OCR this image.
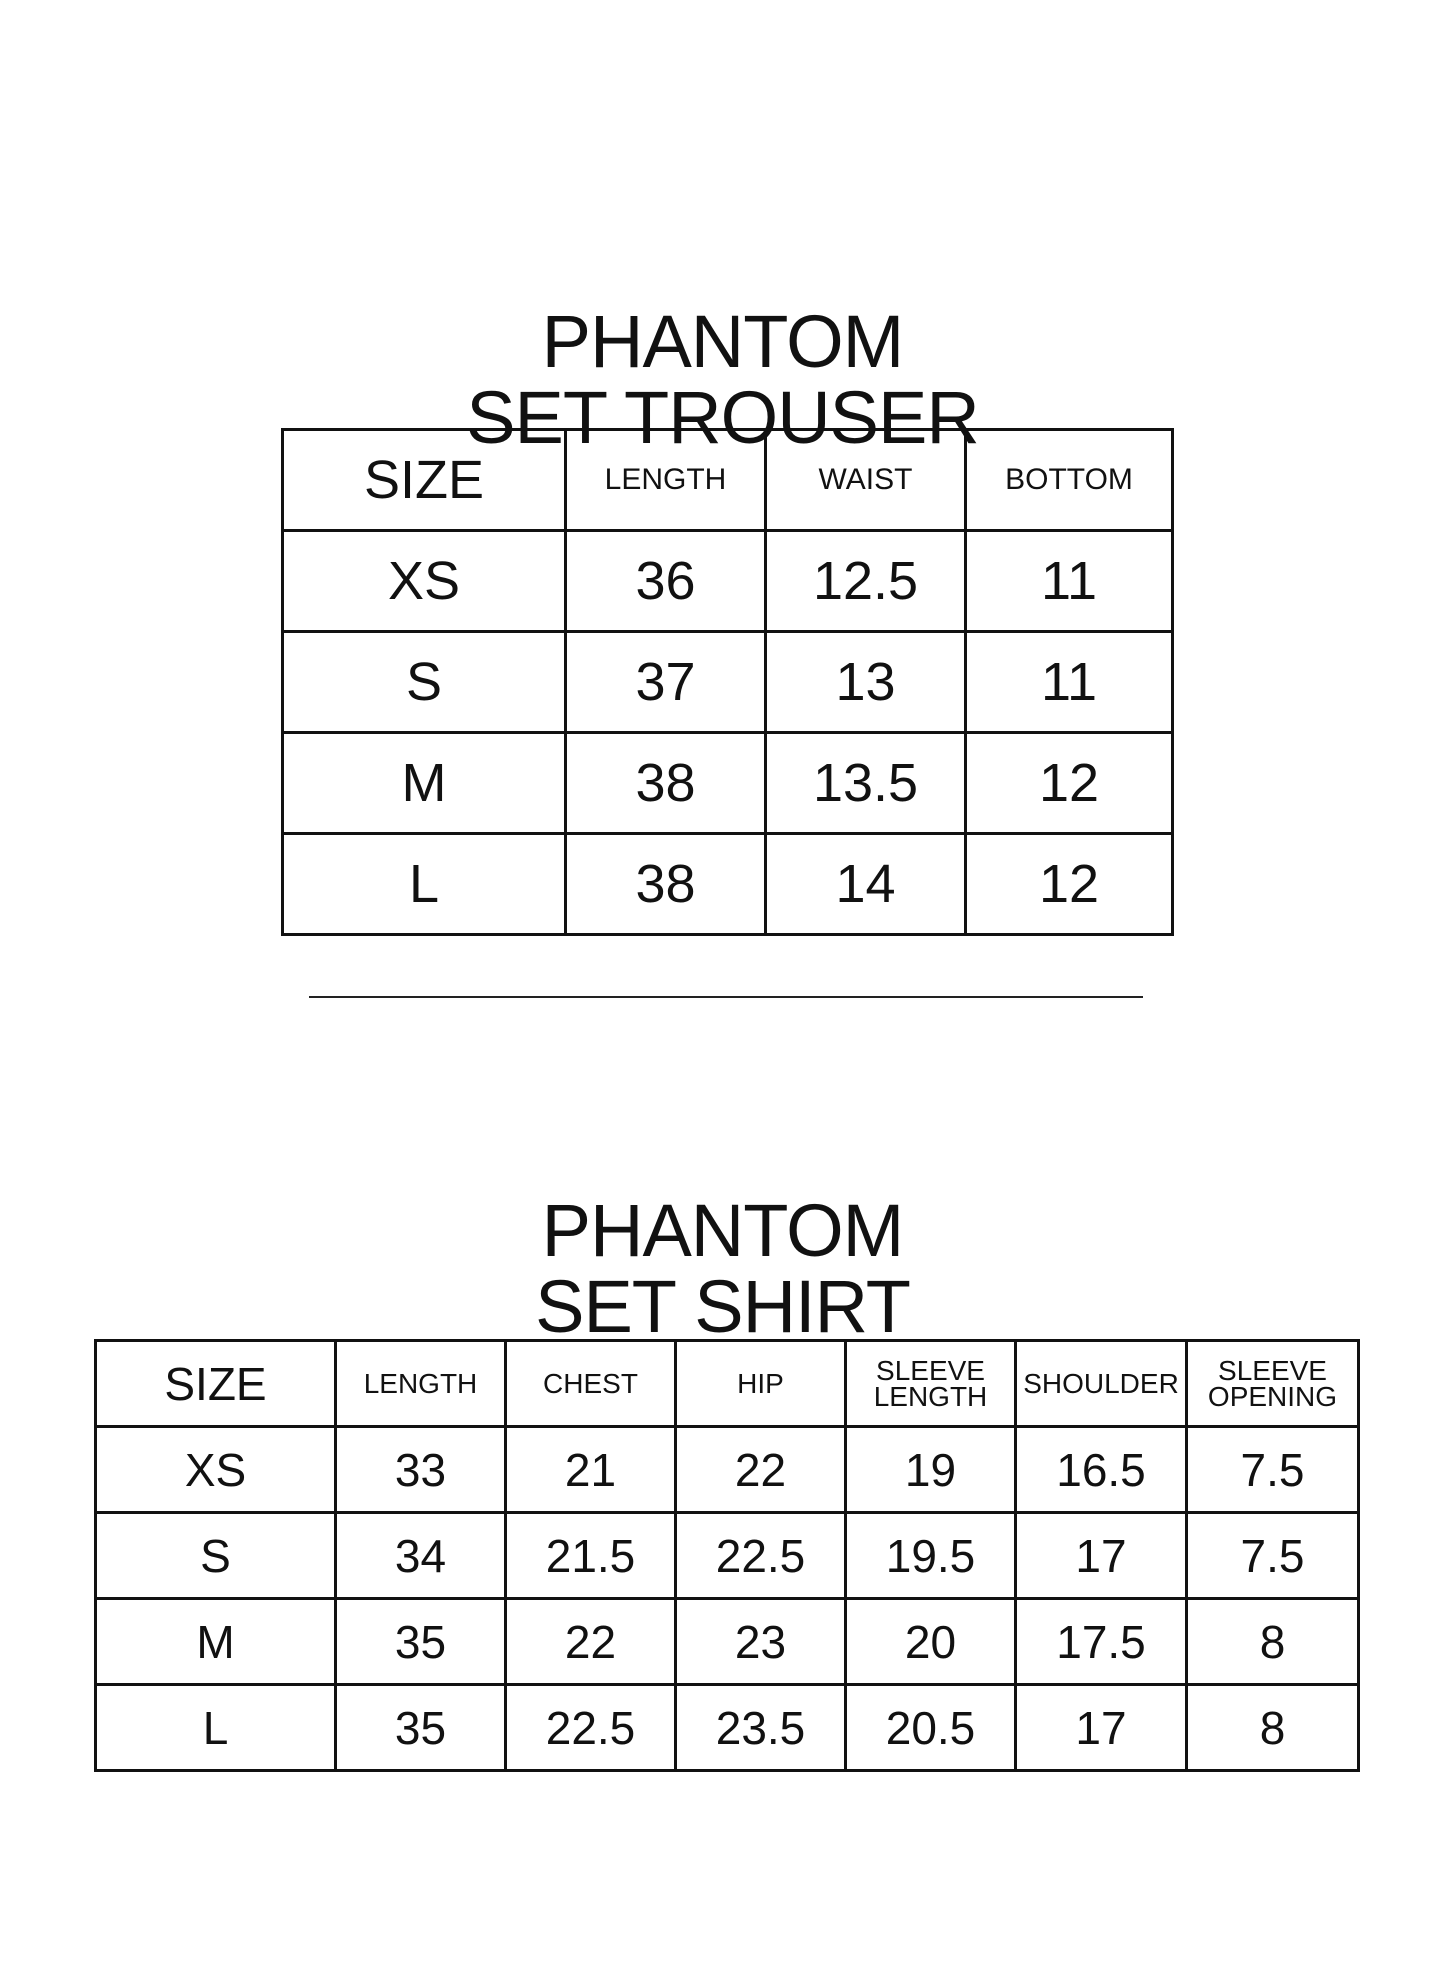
PHANTOM
SET TROUSER
SIZE	LENGTH	WAIST	BOTTOM
XS	36	12.5	11
S	37	13	11
M	38	13.5	12
L	38	14	12
PHANTOM
SET SHIRT
SIZE	LENGTH	CHEST	HIP	SLEEVE LENGTH	SHOULDER	SLEEVE OPENING
XS	33	21	22	19	16.5	7.5
S	34	21.5	22.5	19.5	17	7.5
M	35	22	23	20	17.5	8
L	35	22.5	23.5	20.5	17	8
